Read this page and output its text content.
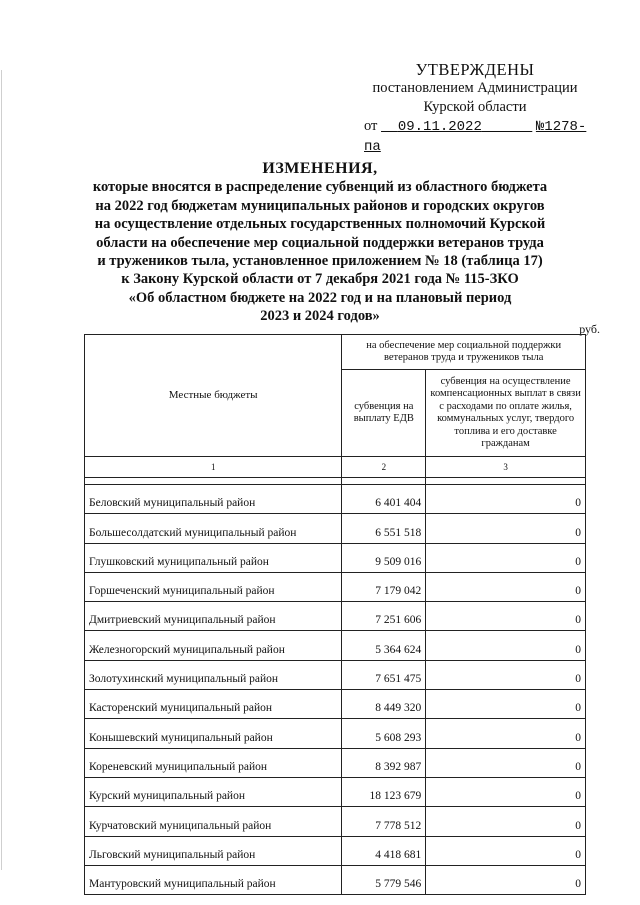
УТВЕРЖДЕНЫ
постановлением Администрации
Курской области
от 09.11.2022	№1278-па
ИЗМЕНЕНИЯ,
которые вносятся в распределение субвенций из областного бюджета
на 2022 год бюджетам муниципальных районов и городских округов
на осуществление отдельных государственных полномочий Курской
области на обеспечение мер социальной поддержки ветеранов труда
и тружеников тыла, установленное приложением № 18 (таблица 17)
к Закону Курской области от 7 декабря 2021 года № 115-ЗКО
«Об областном бюджете на 2022 год и на плановый период
2023 и 2024 годов»
руб.
Местные бюджеты	на обеспечение мер социальной поддержки ветеранов труда и тружеников тыла	
	субвенция на выплату ЕДВ	субвенция на осуществление компенсационных выплат в связи с расходами по оплате жилья, коммунальных услуг, твердого топлива и его доставке гражданам
1	2	3

Беловский муниципальный район	6 401 404	0
Большесолдатский муниципальный район	6 551 518	0
Глушковский муниципальный район	9 509 016	0
Горшеченский муниципальный район	7 179 042	0
Дмитриевский муниципальный район	7 251 606	0
Железногорский муниципальный район	5 364 624	0
Золотухинский муниципальный район	7 651 475	0
Касторенский муниципальный район	8 449 320	0
Конышевский муниципальный район	5 608 293	0
Кореневский муниципальный район	8 392 987	0
Курский муниципальный район	18 123 679	0
Курчатовский муниципальный район	7 778 512	0
Льговский муниципальный район	4 418 681	0
Мантуровский муниципальный район	5 779 546	0
